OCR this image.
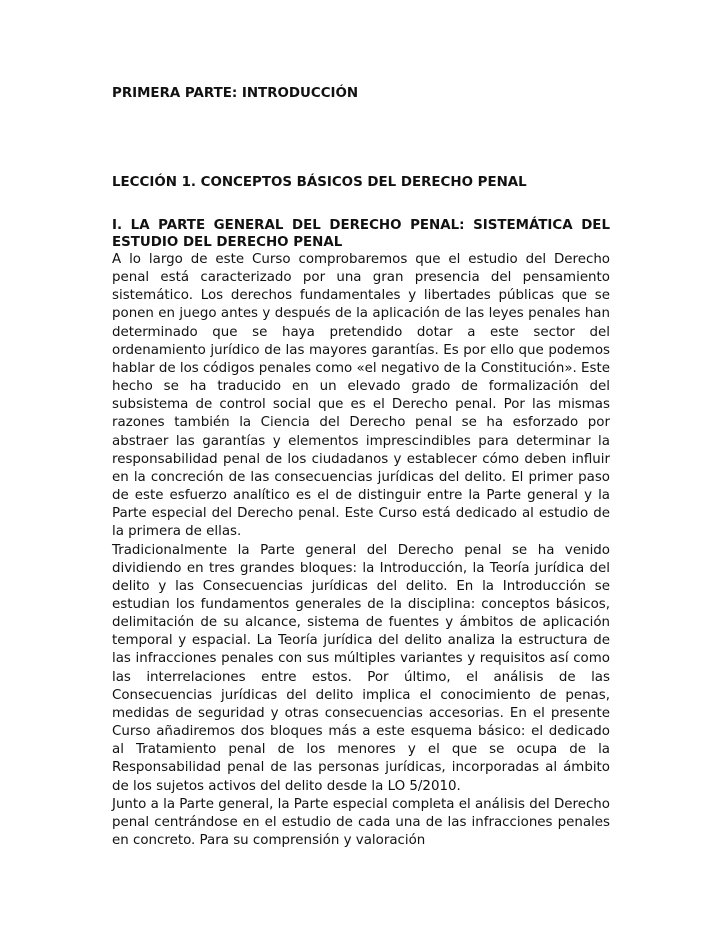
PRIMERA PARTE: INTRODUCCIÓN
LECCIÓN 1. CONCEPTOS BÁSICOS DEL DERECHO PENAL
I. LA PARTE GENERAL DEL DERECHO PENAL: SISTEMÁTICA DEL ESTUDIO DEL DERECHO PENAL

A lo largo de este Curso comprobaremos que el estudio del Derecho penal está caracterizado por una gran presencia del pensamiento sistemático. Los derechos fundamentales y libertades públicas que se ponen en juego antes y después de la aplicación de las leyes penales han determinado que se haya pretendido dotar a este sector del ordenamiento jurídico de las mayores garantías. Es por ello que podemos hablar de los códigos penales como «el negativo de la Constitución». Este hecho se ha traducido en un elevado grado de formalización del subsistema de control social que es el Derecho penal. Por las mismas razones también la Ciencia del Derecho penal se ha esforzado por abstraer las garantías y elementos imprescindibles para determinar la responsabilidad penal de los ciudadanos y establecer cómo deben influir en la concreción de las consecuencias jurídicas del delito. El primer paso de este esfuerzo analítico es el de distinguir entre la Parte general y la Parte especial del Derecho penal. Este Curso está dedicado al estudio de la primera de ellas.

Tradicionalmente la Parte general del Derecho penal se ha venido dividiendo en tres grandes bloques: la Introducción, la Teoría jurídica del delito y las Consecuencias jurídicas del delito. En la Introducción se estudian los fundamentos generales de la disciplina: conceptos básicos, delimitación de su alcance, sistema de fuentes y ámbitos de aplicación temporal y espacial. La Teoría jurídica del delito analiza la estructura de las infracciones penales con sus múltiples variantes y requisitos así como las interrelaciones entre estos. Por último, el análisis de las Consecuencias jurídicas del delito implica el conocimiento de penas, medidas de seguridad y otras consecuencias accesorias. En el presente Curso añadiremos dos bloques más a este esquema básico: el dedicado al Tratamiento penal de los menores y el que se ocupa de la Responsabilidad penal de las personas jurídicas, incorporadas al ámbito de los sujetos activos del delito desde la LO 5/2010.

Junto a la Parte general, la Parte especial completa el análisis del Derecho penal centrándose en el estudio de cada una de las infracciones penales en concreto. Para su comprensión y valoración
